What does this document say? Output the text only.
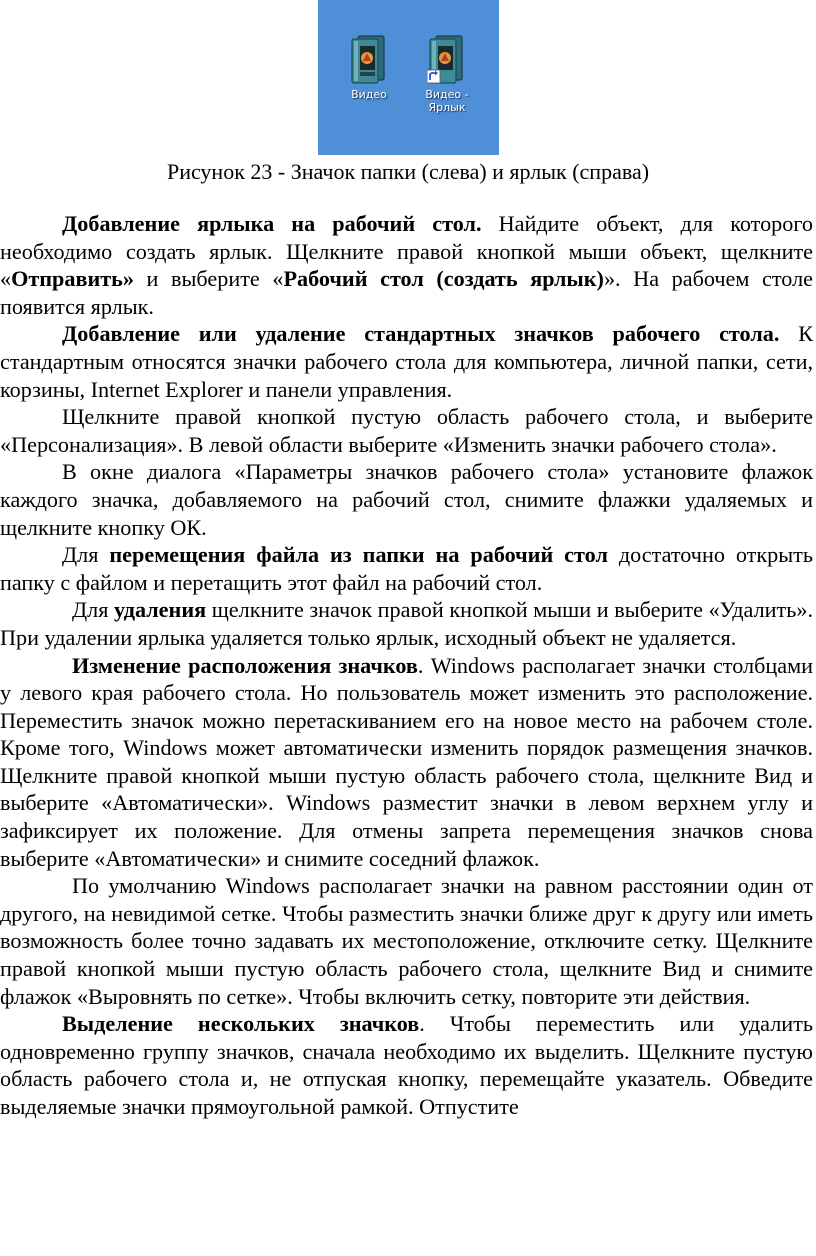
Видео	Видео -
Ярлык
Рисунок 23 - Значок папки (слева) и ярлык (справа)

Добавление ярлыка на рабочий стол. Найдите объект, для которого необходимо создать ярлык. Щелкните правой кнопкой мыши объект, щелкните «Отправить» и выберите «Рабочий стол (создать ярлык)». На рабочем столе появится ярлык.

Добавление или удаление стандартных значков рабочего стола. К стандартным относятся значки рабочего стола для компьютера, личной папки, сети, корзины, Internet Explorer и панели управления.

Щелкните правой кнопкой пустую область рабочего стола, и выберите «Персонализация». В левой области выберите «Изменить значки рабочего стола».

В окне диалога «Параметры значков рабочего стола» установите флажок каждого значка, добавляемого на рабочий стол, снимите флажки удаляемых и щелкните кнопку ОК.

Для перемещения файла из папки на рабочий стол достаточно открыть папку с файлом и перетащить этот файл на рабочий стол.

Для удаления щелкните значок правой кнопкой мыши и выберите «Удалить». При удалении ярлыка удаляется только ярлык, исходный объект не удаляется.

Изменение расположения значков. Windows располагает значки столбцами у левого края рабочего стола. Но пользователь может изменить это расположение. Переместить значок можно перетаскиванием его на новое место на рабочем столе. Кроме того, Windows может автоматически изменить порядок размещения значков. Щелкните правой кнопкой мыши пустую область рабочего стола, щелкните Вид и выберите «Автоматически». Windows разместит значки в левом верхнем углу и зафиксирует их положение. Для отмены запрета перемещения значков снова выберите «Автоматически» и снимите соседний флажок.

По умолчанию Windows располагает значки на равном расстоянии один от другого, на невидимой сетке. Чтобы разместить значки ближе друг к другу или иметь возможность более точно задавать их местоположение, отключите сетку. Щелкните правой кнопкой мыши пустую область рабочего стола, щелкните Вид и снимите флажок «Выровнять по сетке». Чтобы включить сетку, повторите эти действия.

Выделение нескольких значков. Чтобы переместить или удалить одновременно группу значков, сначала необходимо их выделить. Щелкните пустую область рабочего стола и, не отпуская кнопку, перемещайте указатель. Обведите выделяемые значки прямоугольной рамкой. Отпустите
